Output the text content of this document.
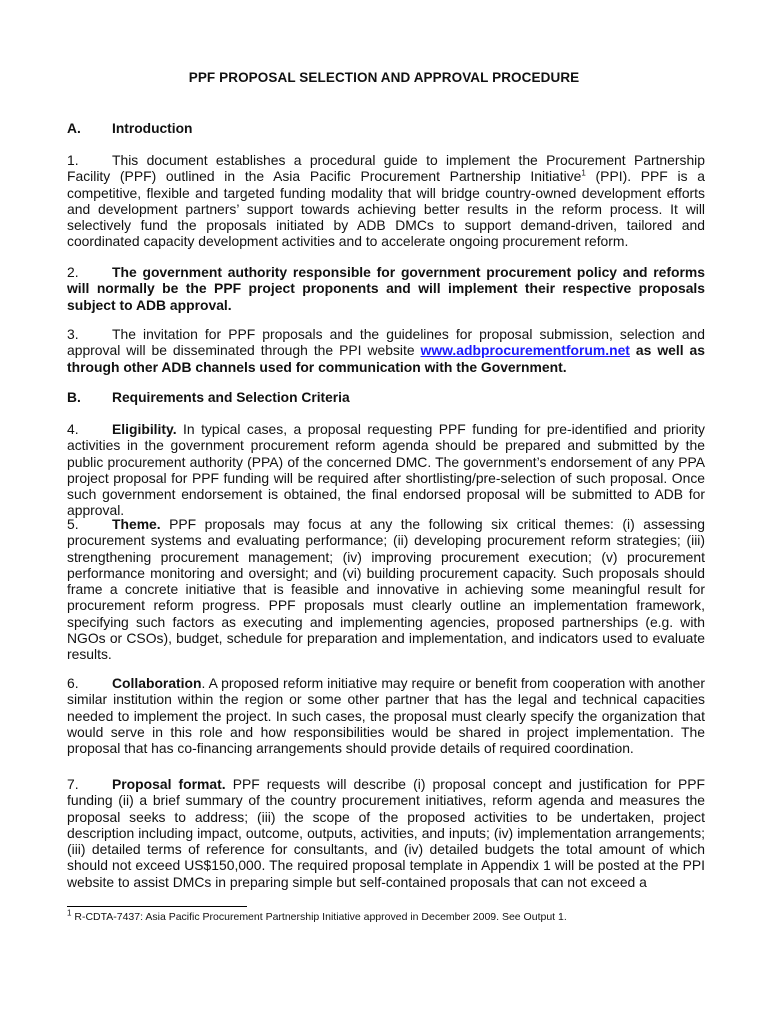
PPF PROPOSAL SELECTION AND APPROVAL PROCEDURE
A. Introduction
1. This document establishes a procedural guide to implement the Procurement Partnership Facility (PPF) outlined in the Asia Pacific Procurement Partnership Initiative$^1$ (PPI). PPF is a competitive, flexible and targeted funding modality that will bridge country-owned development efforts and development partners’ support towards achieving better results in the reform process. It will selectively fund the proposals initiated by ADB DMCs to support demand-driven, tailored and coordinated capacity development activities and to accelerate ongoing procurement reform.
2. The government authority responsible for government procurement policy and reforms will normally be the PPF project proponents and will implement their respective proposals subject to ADB approval.
3. The invitation for PPF proposals and the guidelines for proposal submission, selection and approval will be disseminated through the PPI website www.adbprocurementforum.net as well as through other ADB channels used for communication with the Government.
B. Requirements and Selection Criteria
4. Eligibility. In typical cases, a proposal requesting PPF funding for pre-identified and priority activities in the government procurement reform agenda should be prepared and submitted by the public procurement authority (PPA) of the concerned DMC. The government’s endorsement of any PPA project proposal for PPF funding will be required after shortlisting/pre-selection of such proposal. Once such government endorsement is obtained, the final endorsed proposal will be submitted to ADB for approval.
5. Theme. PPF proposals may focus at any the following six critical themes: (i) assessing procurement systems and evaluating performance; (ii) developing procurement reform strategies; (iii) strengthening procurement management; (iv) improving procurement execution; (v) procurement performance monitoring and oversight; and (vi) building procurement capacity. Such proposals should frame a concrete initiative that is feasible and innovative in achieving some meaningful result for procurement reform progress. PPF proposals must clearly outline an implementation framework, specifying such factors as executing and implementing agencies, proposed partnerships (e.g. with NGOs or CSOs), budget, schedule for preparation and implementation, and indicators used to evaluate results.
6. Collaboration. A proposed reform initiative may require or benefit from cooperation with another similar institution within the region or some other partner that has the legal and technical capacities needed to implement the project. In such cases, the proposal must clearly specify the organization that would serve in this role and how responsibilities would be shared in project implementation. The proposal that has co-financing arrangements should provide details of required coordination.
7. Proposal format. PPF requests will describe (i) proposal concept and justification for PPF funding (ii) a brief summary of the country procurement initiatives, reform agenda and measures the proposal seeks to address; (iii) the scope of the proposed activities to be undertaken, project description including impact, outcome, outputs, activities, and inputs; (iv) implementation arrangements; (iii) detailed terms of reference for consultants, and (iv) detailed budgets the total amount of which should not exceed US$150,000. The required proposal template in Appendix 1 will be posted at the PPI website to assist DMCs in preparing simple but self-contained proposals that can not exceed a
$^1$ R-CDTA-7437: Asia Pacific Procurement Partnership Initiative approved in December 2009. See Output 1.
